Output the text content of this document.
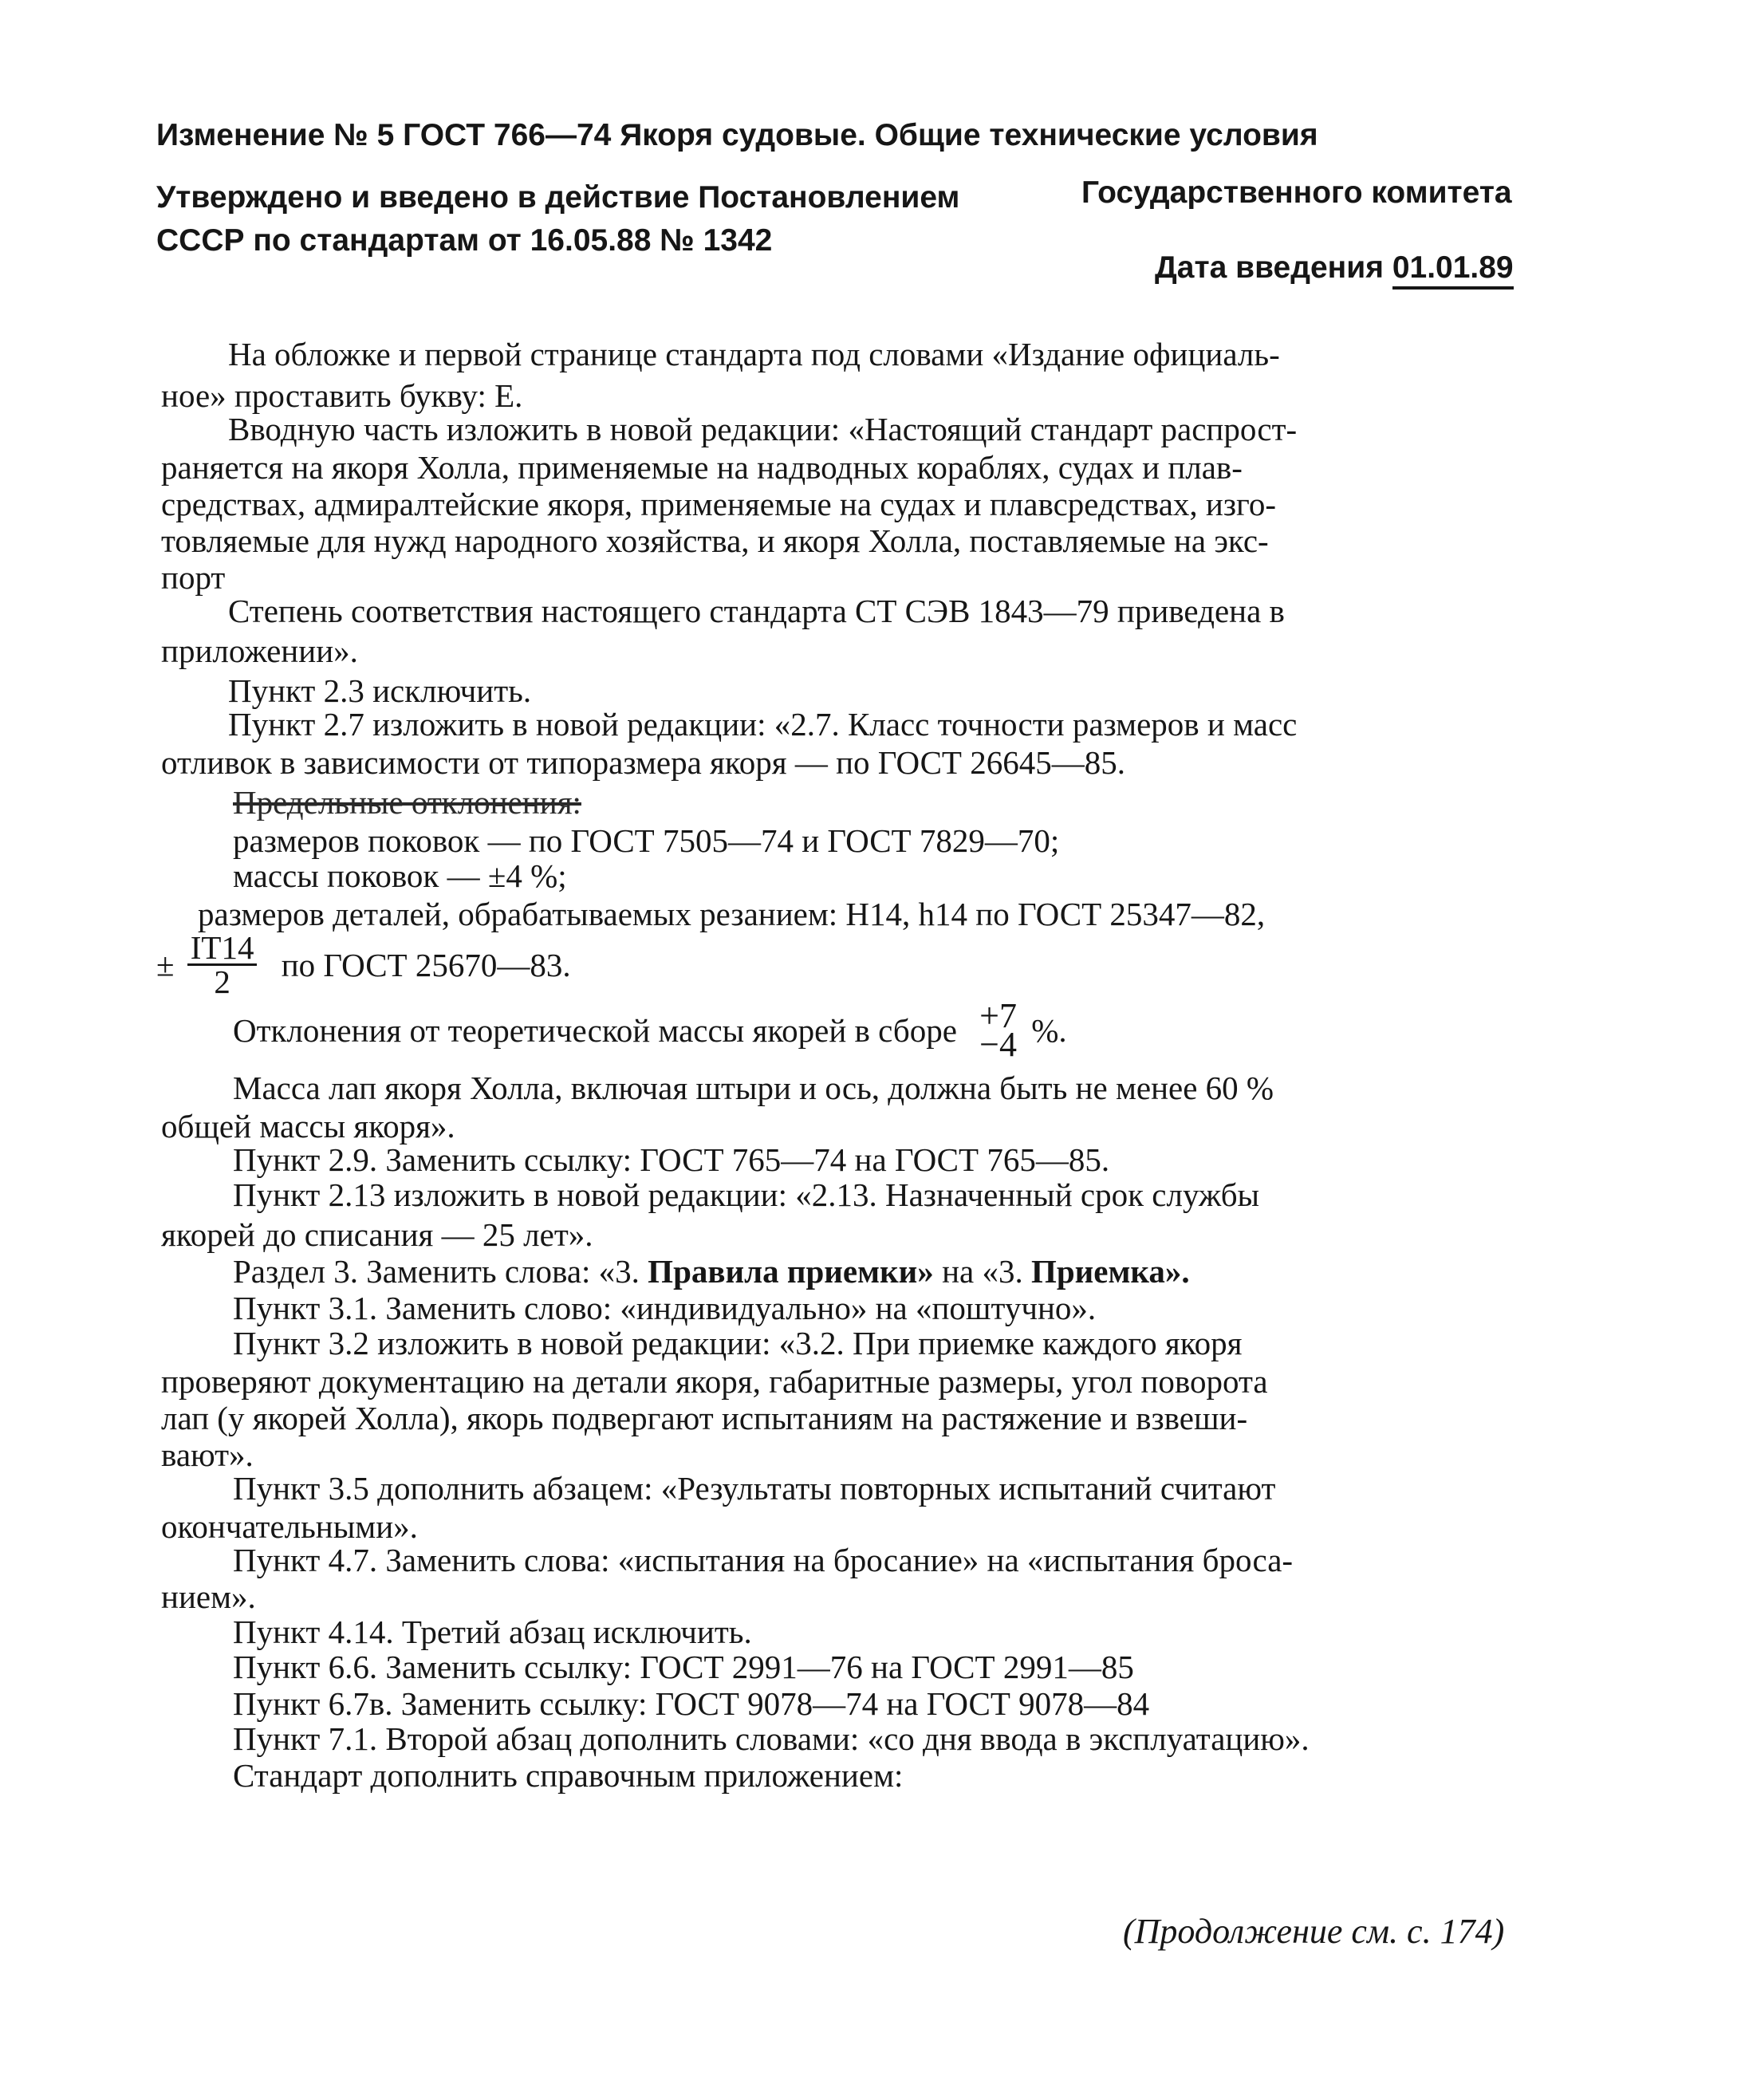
Изменение № 5 ГОСТ 766—74 Якоря судовые. Общие технические условия
Утверждено и введено в действие Постановлением	Государственного комитета
СССР по стандартам от 16.05.88 № 1342
Дата введения 01.01.89
На обложке и первой странице стандарта под словами «Издание официаль-
ное» проставить букву: Е.
Вводную часть изложить в новой редакции: «Настоящий стандарт распрост-
раняется на якоря Холла, применяемые на надводных кораблях, судах и плав-
средствах, адмиралтейские якоря, применяемые на судах и плавсредствах, изго-
товляемые для нужд народного хозяйства, и якоря Холла, поставляемые на экс-
порт
Степень соответствия настоящего стандарта СТ СЭВ 1843—79 приведена в
приложении».
Пункт 2.3 исключить.
Пункт 2.7 изложить в новой редакции: «2.7. Класс точности размеров и масс
отливок в зависимости от типоразмера якоря — по ГОСТ 26645—85.
Предельные отклонения:
размеров поковок — по ГОСТ 7505—74 и ГОСТ 7829—70;
массы поковок — ±4 %;
размеров деталей, обрабатываемых резанием: Н14, h14 по ГОСТ 25347—82,
± $\frac{IT14}{2}$ по ГОСТ 25670—83.
Отклонения от теоретической массы якорей в сборе +7
−4 %.
Масса лап якоря Холла, включая штыри и ось, должна быть не менее 60 %
общей массы якоря».
Пункт 2.9. Заменить ссылку: ГОСТ 765—74 на ГОСТ 765—85.
Пункт 2.13 изложить в новой редакции: «2.13. Назначенный срок службы
якорей до списания — 25 лет».
Раздел 3. Заменить слова: «3. Правила приемки» на «3. Приемка».
Пункт 3.1. Заменить слово: «индивидуально» на «поштучно».
Пункт 3.2 изложить в новой редакции: «3.2. При приемке каждого якоря
проверяют документацию на детали якоря, габаритные размеры, угол поворота
лап (у якорей Холла), якорь подвергают испытаниям на растяжение и взвеши-
вают».
Пункт 3.5 дополнить абзацем: «Результаты повторных испытаний считают
окончательными».
Пункт 4.7. Заменить слова: «испытания на бросание» на «испытания броса-
нием».
Пункт 4.14. Третий абзац исключить.
Пункт 6.6. Заменить ссылку: ГОСТ 2991—76 на ГОСТ 2991—85
Пункт 6.7в. Заменить ссылку: ГОСТ 9078—74 на ГОСТ 9078—84
Пункт 7.1. Второй абзац дополнить словами: «со дня ввода в эксплуатацию».
Стандарт дополнить справочным приложением:
(Продолжение см. с. 174)
